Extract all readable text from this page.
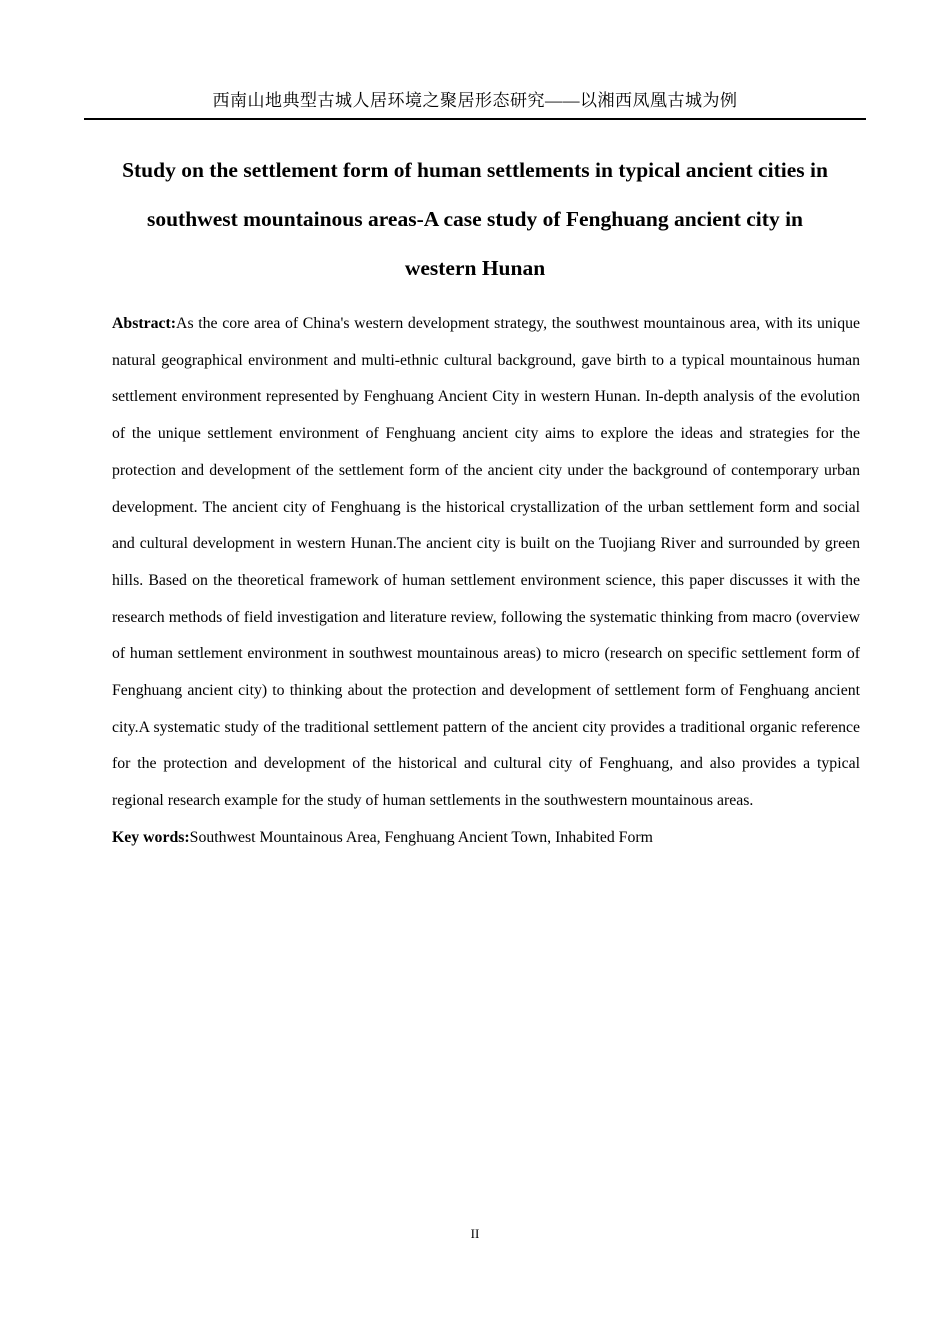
西南山地典型古城人居环境之聚居形态研究——以湘西凤凰古城为例
Study on the settlement form of human settlements in typical ancient cities in southwest mountainous areas-A case study of Fenghuang ancient city in western Hunan

Abstract:As the core area of China's western development strategy, the southwest mountainous area, with its unique natural geographical environment and multi-ethnic cultural background, gave birth to a typical mountainous human settlement environment represented by Fenghuang Ancient City in western Hunan. In-depth analysis of the evolution of the unique settlement environment of Fenghuang ancient city aims to explore the ideas and strategies for the protection and development of the settlement form of the ancient city under the background of contemporary urban development. The ancient city of Fenghuang is the historical crystallization of the urban settlement form and social and cultural development in western Hunan.The ancient city is built on the Tuojiang River and surrounded by green hills. Based on the theoretical framework of human settlement environment science, this paper discusses it with the research methods of field investigation and literature review, following the systematic thinking from macro (overview of human settlement environment in southwest mountainous areas) to micro (research on specific settlement form of Fenghuang ancient city) to thinking about the protection and development of settlement form of Fenghuang ancient city.A systematic study of the traditional settlement pattern of the ancient city provides a traditional organic reference for the protection and development of the historical and cultural city of Fenghuang, and also provides a typical regional research example for the study of human settlements in the southwestern mountainous areas.

Key words:Southwest Mountainous Area, Fenghuang Ancient Town, Inhabited Form

II
